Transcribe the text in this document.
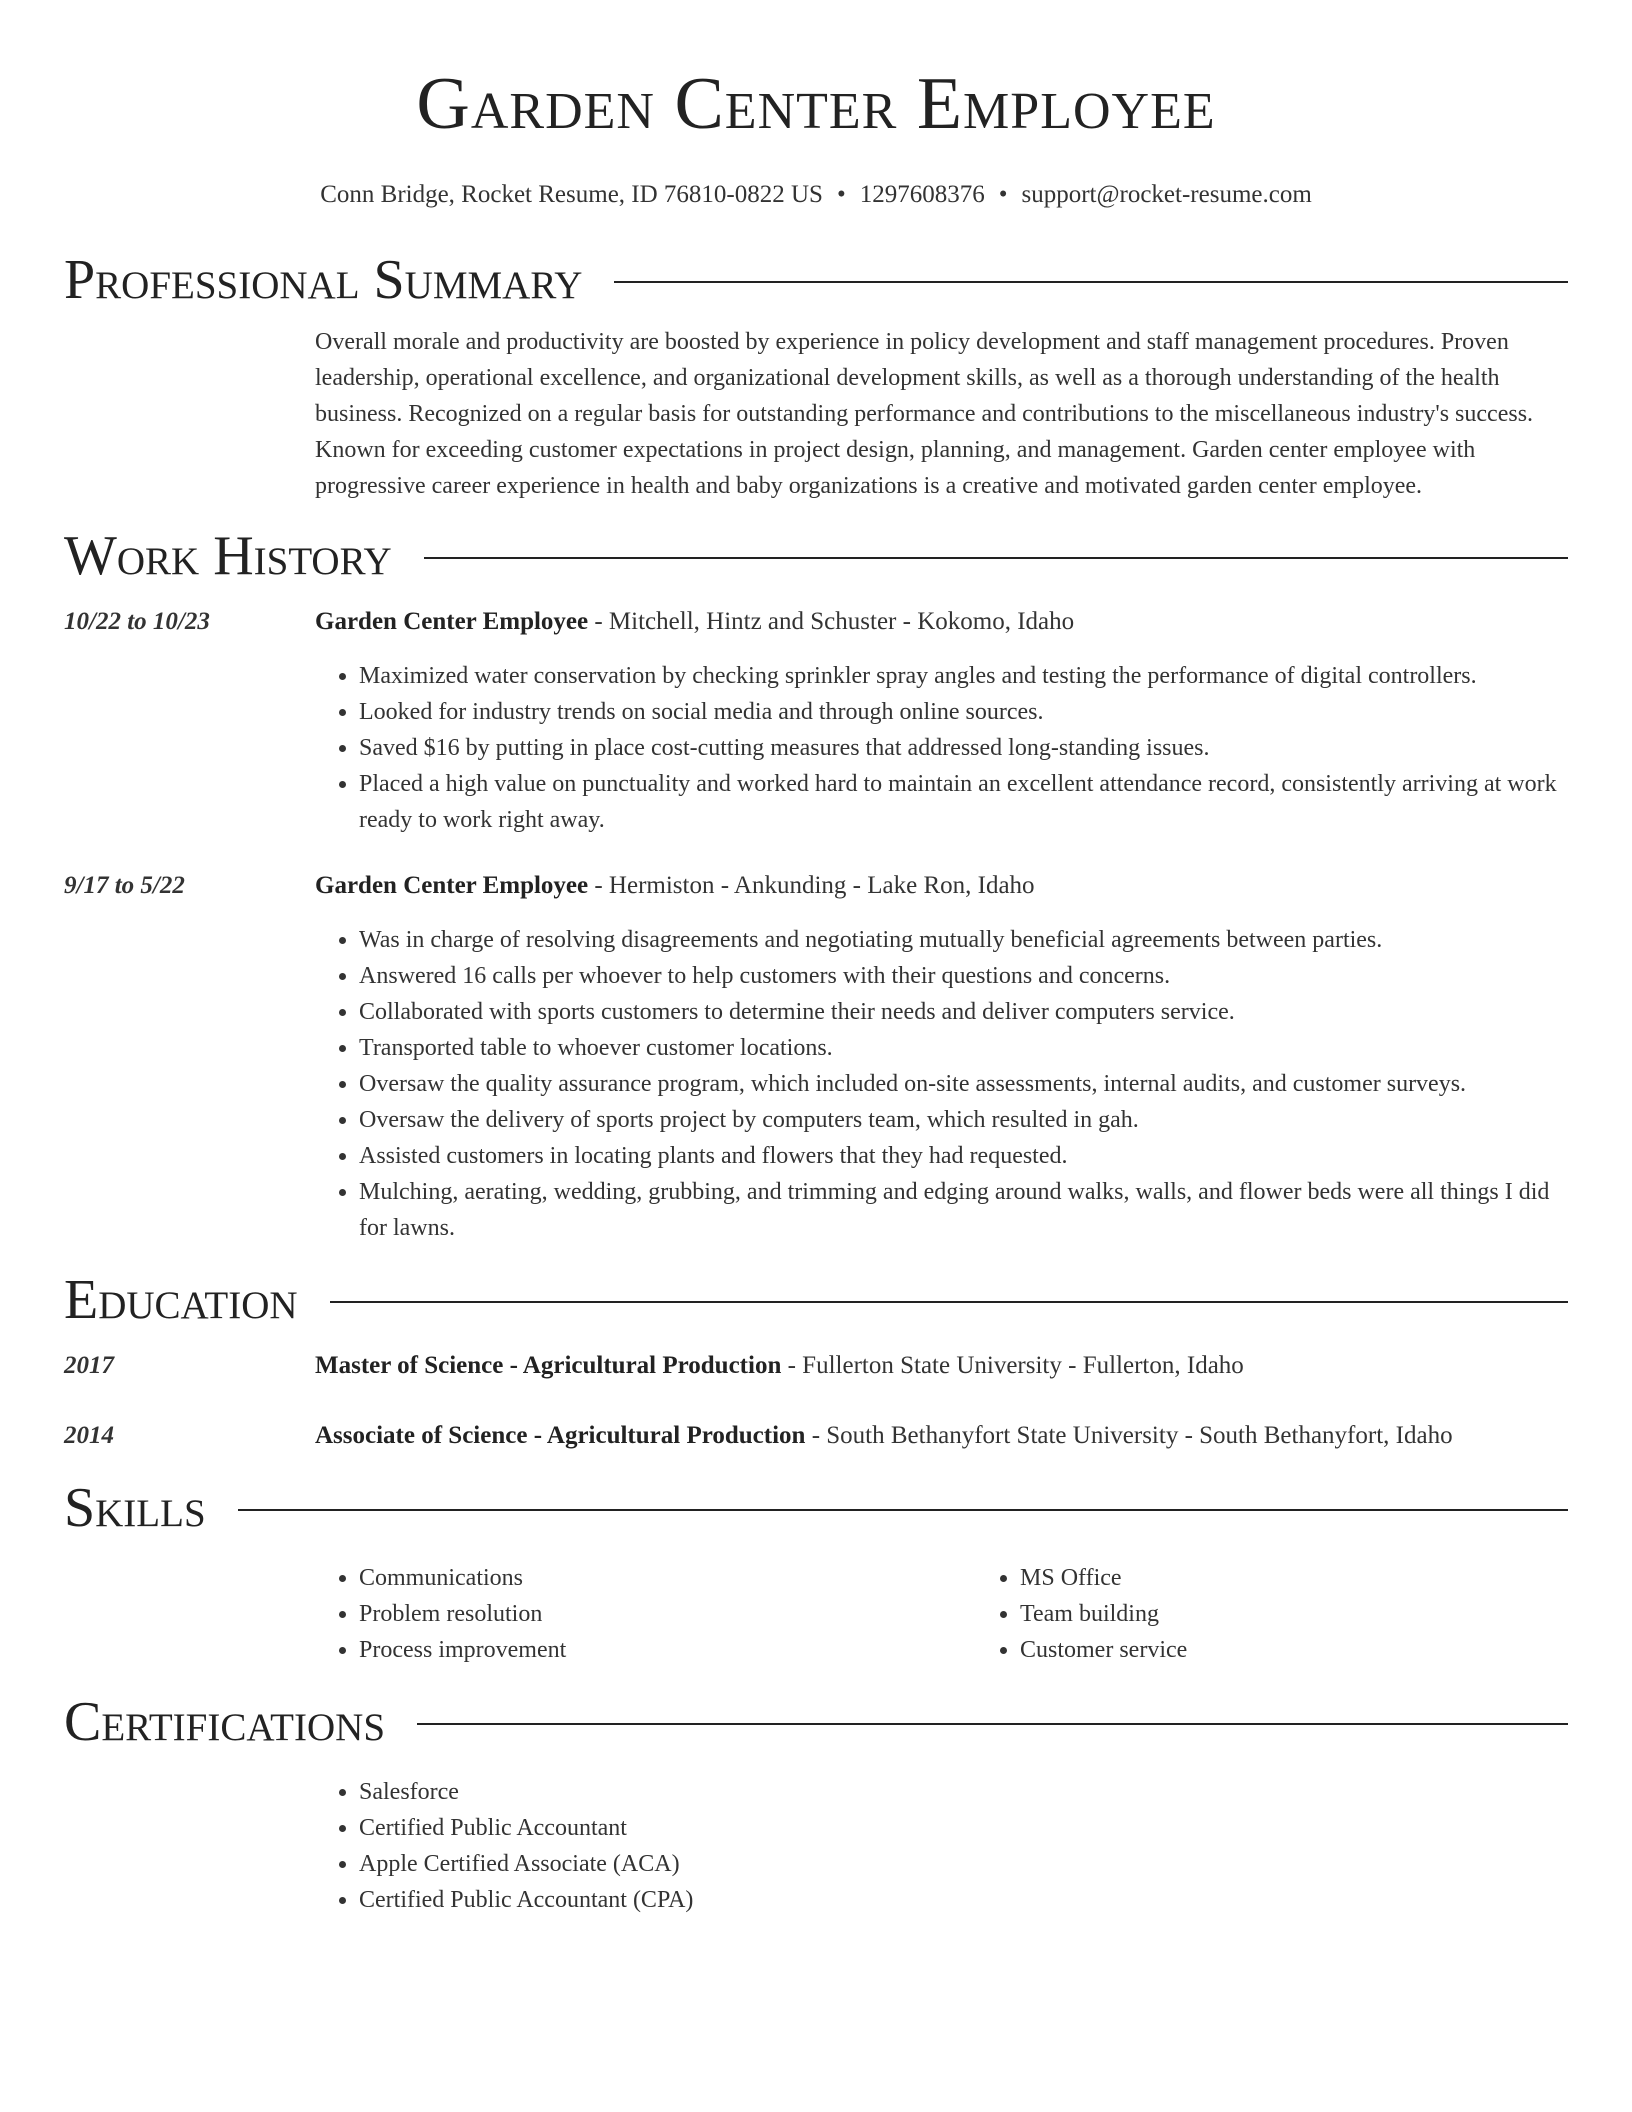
Garden Center Employee
Conn Bridge, Rocket Resume, ID 76810-0822 US • 1297608376 • support@rocket-resume.com
Professional Summary
Overall morale and productivity are boosted by experience in policy development and staff management procedures. Proven leadership, operational excellence, and organizational development skills, as well as a thorough understanding of the health business. Recognized on a regular basis for outstanding performance and contributions to the miscellaneous industry's success. Known for exceeding customer expectations in project design, planning, and management. Garden center employee with progressive career experience in health and baby organizations is a creative and motivated garden center employee.
Work History
10/22 to 10/23	Garden Center Employee - Mitchell, Hintz and Schuster - Kokomo, Idaho
• Maximized water conservation by checking sprinkler spray angles and testing the performance of digital controllers.
• Looked for industry trends on social media and through online sources.
• Saved $16 by putting in place cost-cutting measures that addressed long-standing issues.
• Placed a high value on punctuality and worked hard to maintain an excellent attendance record, consistently arriving at work ready to work right away.
9/17 to 5/22	Garden Center Employee - Hermiston - Ankunding - Lake Ron, Idaho
• Was in charge of resolving disagreements and negotiating mutually beneficial agreements between parties.
• Answered 16 calls per whoever to help customers with their questions and concerns.
• Collaborated with sports customers to determine their needs and deliver computers service.
• Transported table to whoever customer locations.
• Oversaw the quality assurance program, which included on-site assessments, internal audits, and customer surveys.
• Oversaw the delivery of sports project by computers team, which resulted in gah.
• Assisted customers in locating plants and flowers that they had requested.
• Mulching, aerating, wedding, grubbing, and trimming and edging around walks, walls, and flower beds were all things I did for lawns.
Education
2017	Master of Science - Agricultural Production - Fullerton State University - Fullerton, Idaho
2014	Associate of Science - Agricultural Production - South Bethanyfort State University - South Bethanyfort, Idaho
Skills
• Communications
• Problem resolution
• Process improvement
• MS Office
• Team building
• Customer service
Certifications
• Salesforce
• Certified Public Accountant
• Apple Certified Associate (ACA)
• Certified Public Accountant (CPA)
